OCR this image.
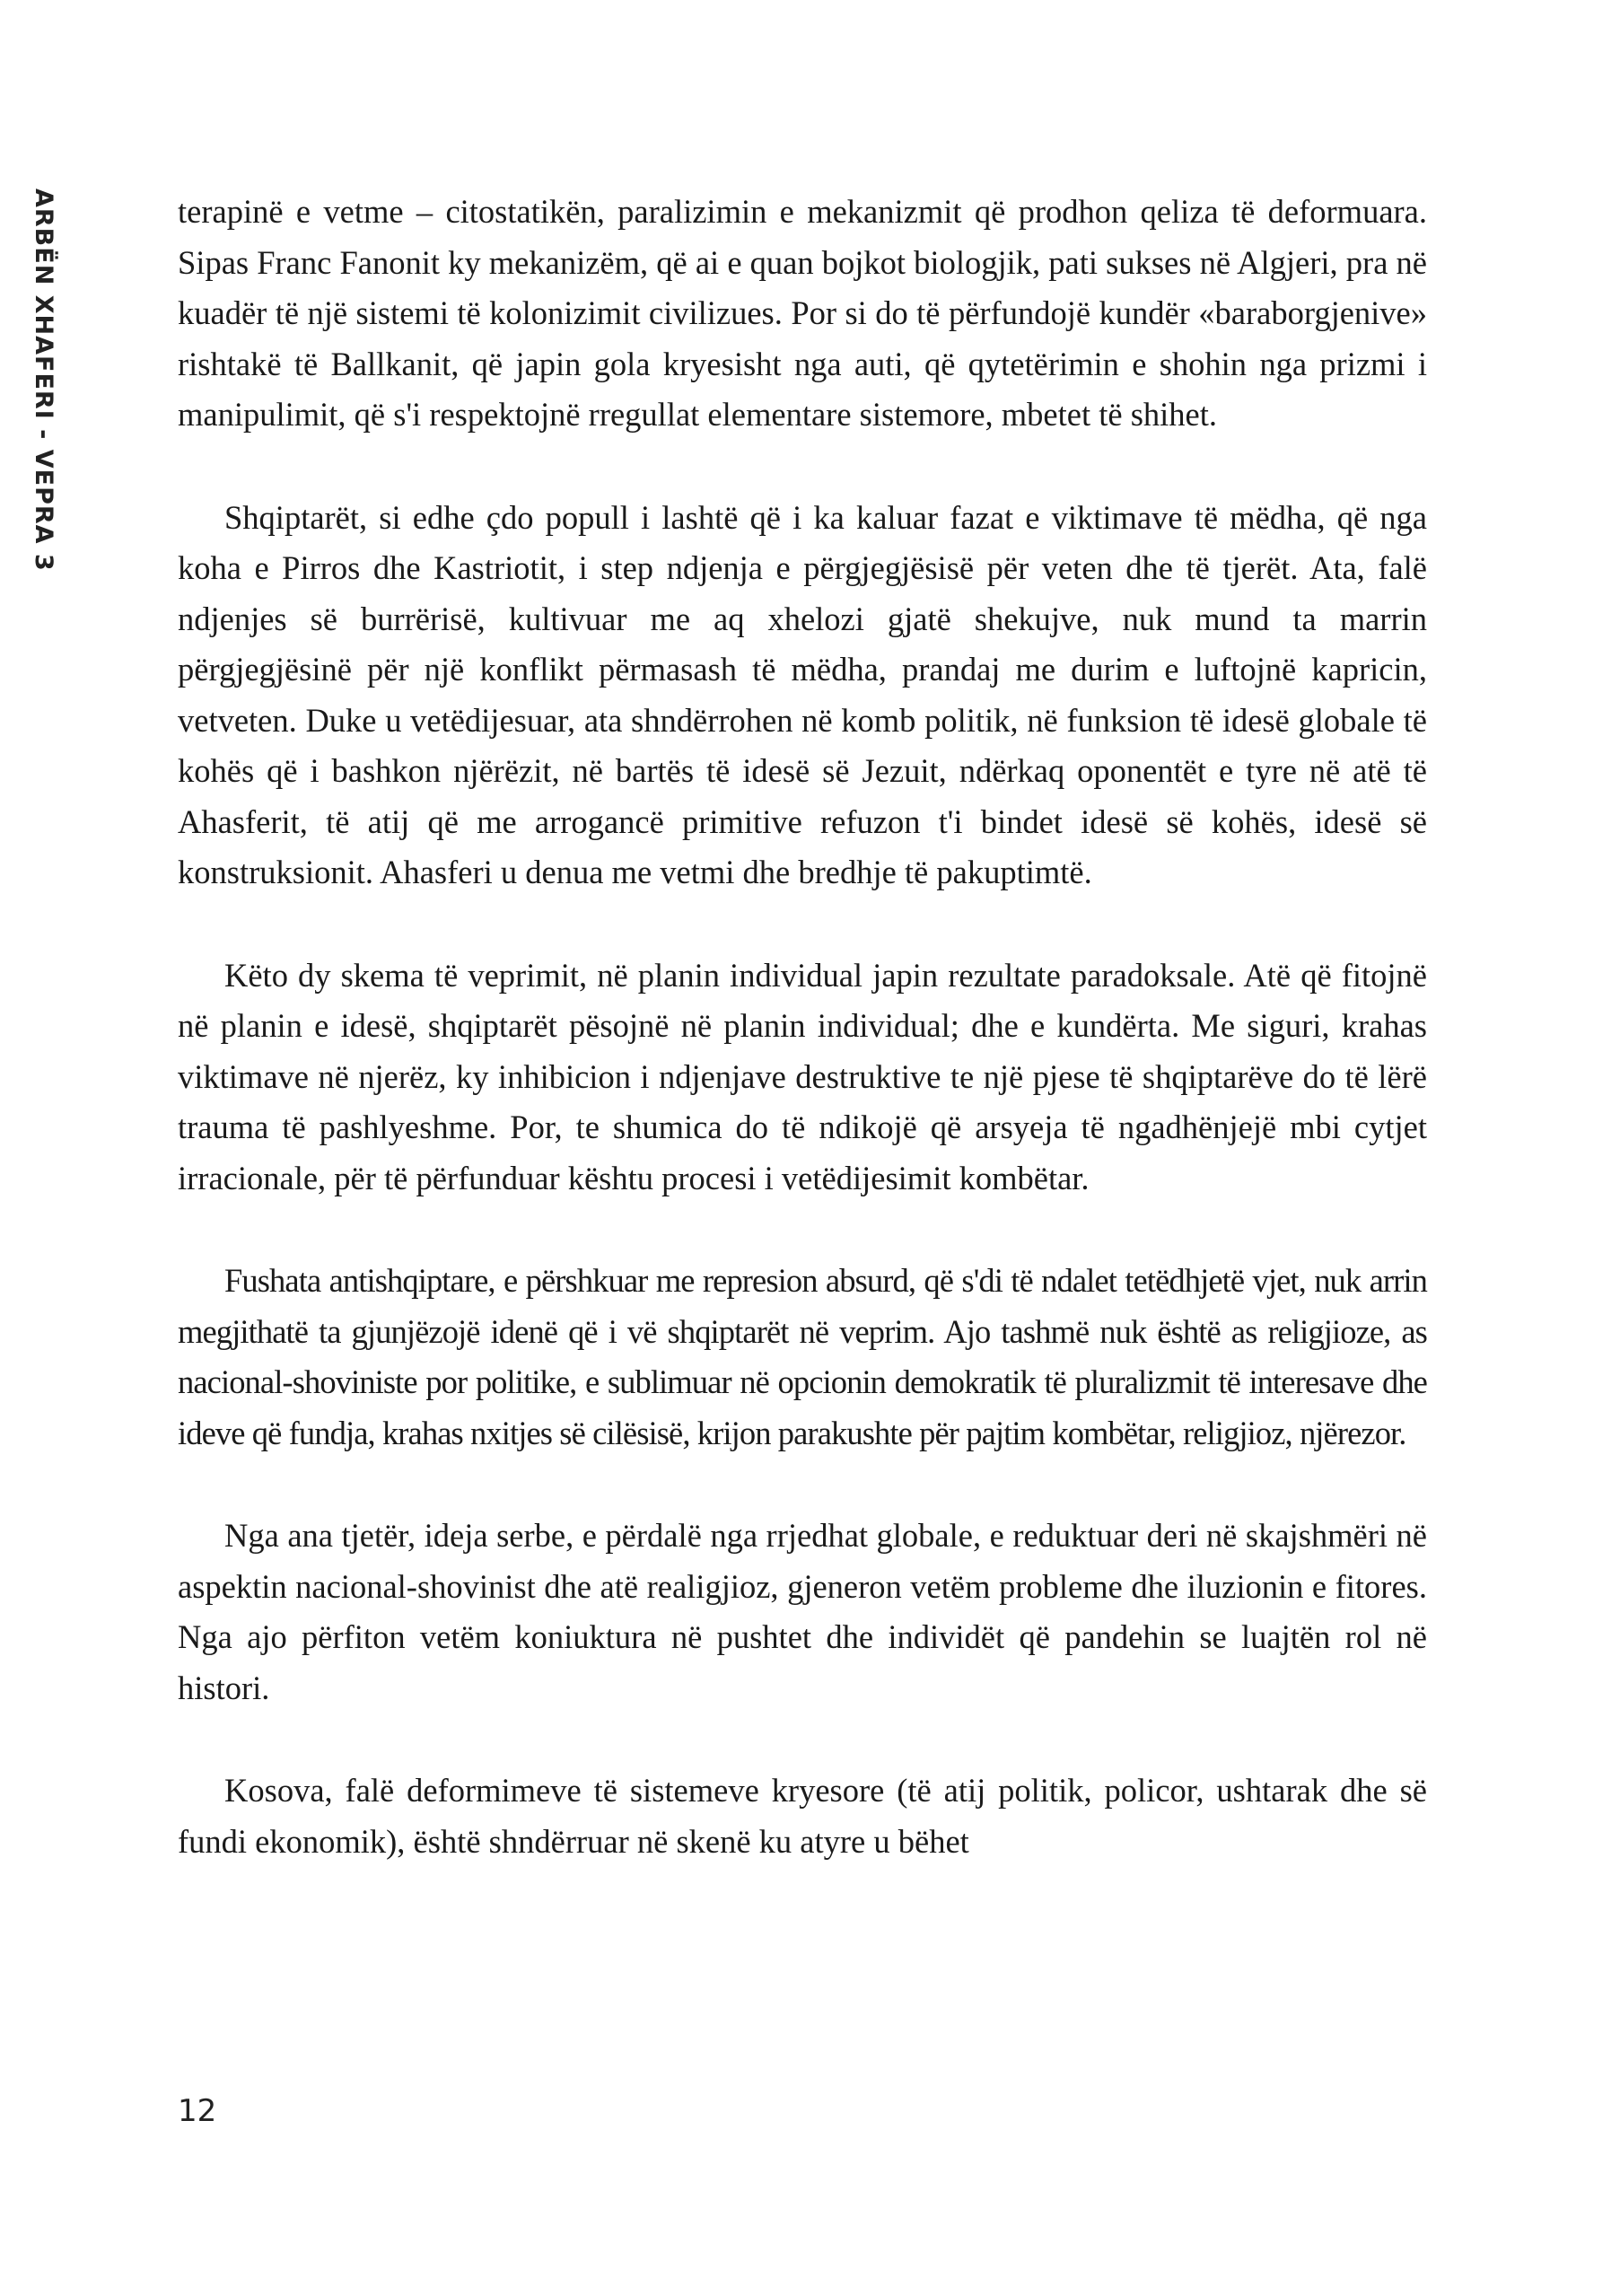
ARBËN XHAFERI - VEPRA 3	terapinë e vetme – citostatikën, paralizimin e mekanizmit që prodhon qeliza të deformuara. Sipas Franc Fanonit ky mekanizëm, që ai e quan bojkot biologjik, pati sukses në Algjeri, pra në kuadër të një sistemi të kolonizimit civilizues. Por si do të përfundojë kundër «baraborgjenive» rishtakë të Ballkanit, që japin gola kryesisht nga auti, që qytetërimin e shohin nga prizmi i manipulimit, që s'i respektojnë rregullat elementare sistemore, mbetet të shihet.

Shqiptarët, si edhe çdo popull i lashtë që i ka kaluar fazat e viktimave të mëdha, që nga koha e Pirros dhe Kastriotit, i step ndjenja e përgjegjësisë për veten dhe të tjerët. Ata, falë ndjenjes së burrërisë, kultivuar me aq xhelozi gjatë shekujve, nuk mund ta marrin përgjegjësinë për një konflikt përmasash të mëdha, prandaj me durim e luftojnë kapricin, vetveten. Duke u vetëdijesuar, ata shndërrohen në komb politik, në funksion të idesë globale të kohës që i bashkon njërëzit, në bartës të idesë së Jezuit, ndërkaq oponentët e tyre në atë të Ahasferit, të atij që me arrogancë primitive refuzon t'i bindet idesë së kohës, idesë së konstruksionit. Ahasferi u denua me vetmi dhe bredhje të pakuptimtë.

Këto dy skema të veprimit, në planin individual japin rezultate paradoksale. Atë që fitojnë në planin e idesë, shqiptarët pësojnë në planin individual; dhe e kundërta. Me siguri, krahas viktimave në njerëz, ky inhibicion i ndjenjave destruktive te një pjese të shqiptarëve do të lërë trauma të pashlyeshme. Por, te shumica do të ndikojë që arsyeja të ngadhënjejë mbi cytjet irracionale, për të përfunduar kështu procesi i vetëdijesimit kombëtar.

Fushata antishqiptare, e përshkuar me represion absurd, që s'di të ndalet tetëdhjetë vjet, nuk arrin megjithatë ta gjunjëzojë idenë që i vë shqiptarët në veprim. Ajo tashmë nuk është as religjioze, as nacional-shoviniste por politike, e sublimuar në opcionin demokratik të pluralizmit të interesave dhe ideve që fundja, krahas nxitjes së cilësisë, krijon parakushte për pajtim kombëtar, religjioz, njërezor.

Nga ana tjetër, ideja serbe, e përdalë nga rrjedhat globale, e reduktuar deri në skajshmëri në aspektin nacional-shovinist dhe atë realigjioz, gjeneron vetëm probleme dhe iluzionin e fitores. Nga ajo përfiton vetëm koniuktura në pushtet dhe individët që pandehin se luajtën rol në histori.

Kosova, falë deformimeve të sistemeve kryesore (të atij politik, policor, ushtarak dhe së fundi ekonomik), është shndërruar në skenë ku atyre u bëhet

12
